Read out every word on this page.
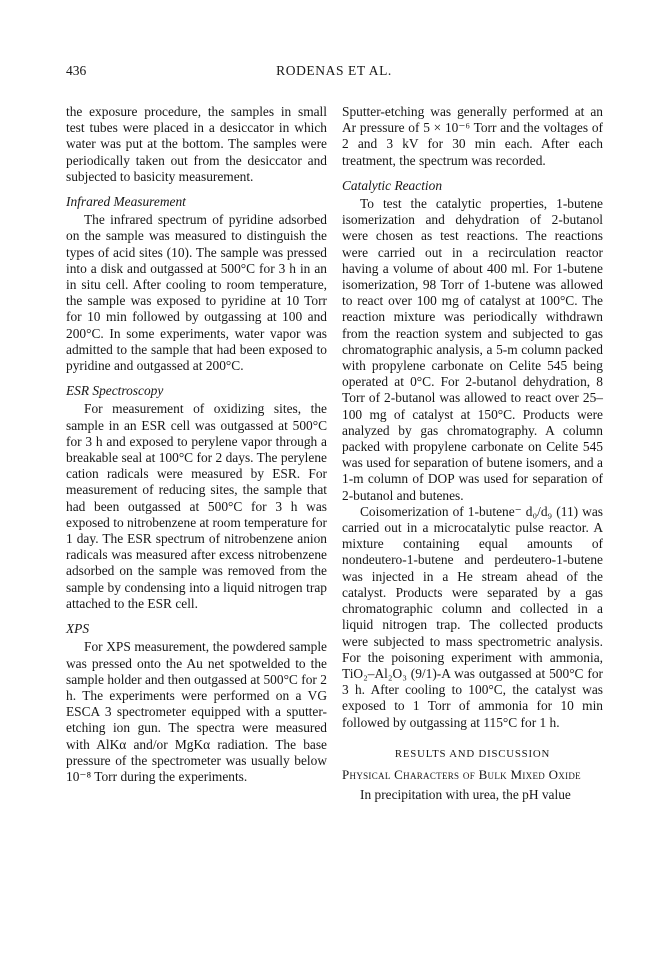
436	RODENAS ET AL.

the exposure procedure, the samples in small test tubes were placed in a desiccator in which water was put at the bottom. The samples were periodically taken out from the desiccator and subjected to basicity measurement.

Infrared Measurement

The infrared spectrum of pyridine adsorbed on the sample was measured to distinguish the types of acid sites (10). The sample was pressed into a disk and outgassed at 500°C for 3 h in an in situ cell. After cooling to room temperature, the sample was exposed to pyridine at 10 Torr for 10 min followed by outgassing at 100 and 200°C. In some experiments, water vapor was admitted to the sample that had been exposed to pyridine and outgassed at 200°C.

ESR Spectroscopy

For measurement of oxidizing sites, the sample in an ESR cell was outgassed at 500°C for 3 h and exposed to perylene vapor through a breakable seal at 100°C for 2 days. The perylene cation radicals were measured by ESR. For measurement of reducing sites, the sample that had been outgassed at 500°C for 3 h was exposed to nitrobenzene at room temperature for 1 day. The ESR spectrum of nitrobenzene anion radicals was measured after excess nitrobenzene adsorbed on the sample was removed from the sample by condensing into a liquid nitrogen trap attached to the ESR cell.

XPS

For XPS measurement, the powdered sample was pressed onto the Au net spotwelded to the sample holder and then outgassed at 500°C for 2 h. The experiments were performed on a VG ESCA 3 spectrometer equipped with a sputter-etching ion gun. The spectra were measured with AlKα and/or MgKα radiation. The base pressure of the spectrometer was usually below 10⁻⁸ Torr during the experiments.

Sputter-etching was generally performed at an Ar pressure of 5 × 10⁻⁶ Torr and the voltages of 2 and 3 kV for 30 min each. After each treatment, the spectrum was recorded.

Catalytic Reaction

To test the catalytic properties, 1-butene isomerization and dehydration of 2-butanol were chosen as test reactions. The reactions were carried out in a recirculation reactor having a volume of about 400 ml. For 1-butene isomerization, 98 Torr of 1-butene was allowed to react over 100 mg of catalyst at 100°C. The reaction mixture was periodically withdrawn from the reaction system and subjected to gas chromatographic analysis, a 5-m column packed with propylene carbonate on Celite 545 being operated at 0°C. For 2-butanol dehydration, 8 Torr of 2-butanol was allowed to react over 25–100 mg of catalyst at 150°C. Products were analyzed by gas chromatography. A column packed with propylene carbonate on Celite 545 was used for separation of butene isomers, and a 1-m column of DOP was used for separation of 2-butanol and butenes.

Coisomerization of 1-butene⁻ d₀/d₉ (11) was carried out in a microcatalytic pulse reactor. A mixture containing equal amounts of nondeutero-1-butene and perdeutero-1-butene was injected in a He stream ahead of the catalyst. Products were separated by a gas chromatographic column and collected in a liquid nitrogen trap. The collected products were subjected to mass spectrometric analysis. For the poisoning experiment with ammonia, TiO₂–Al₂O₃ (9/1)-A was outgassed at 500°C for 3 h. After cooling to 100°C, the catalyst was exposed to 1 Torr of ammonia for 10 min followed by outgassing at 115°C for 1 h.

RESULTS AND DISCUSSION
Physical Characters of Bulk Mixed Oxide

In precipitation with urea, the pH value
